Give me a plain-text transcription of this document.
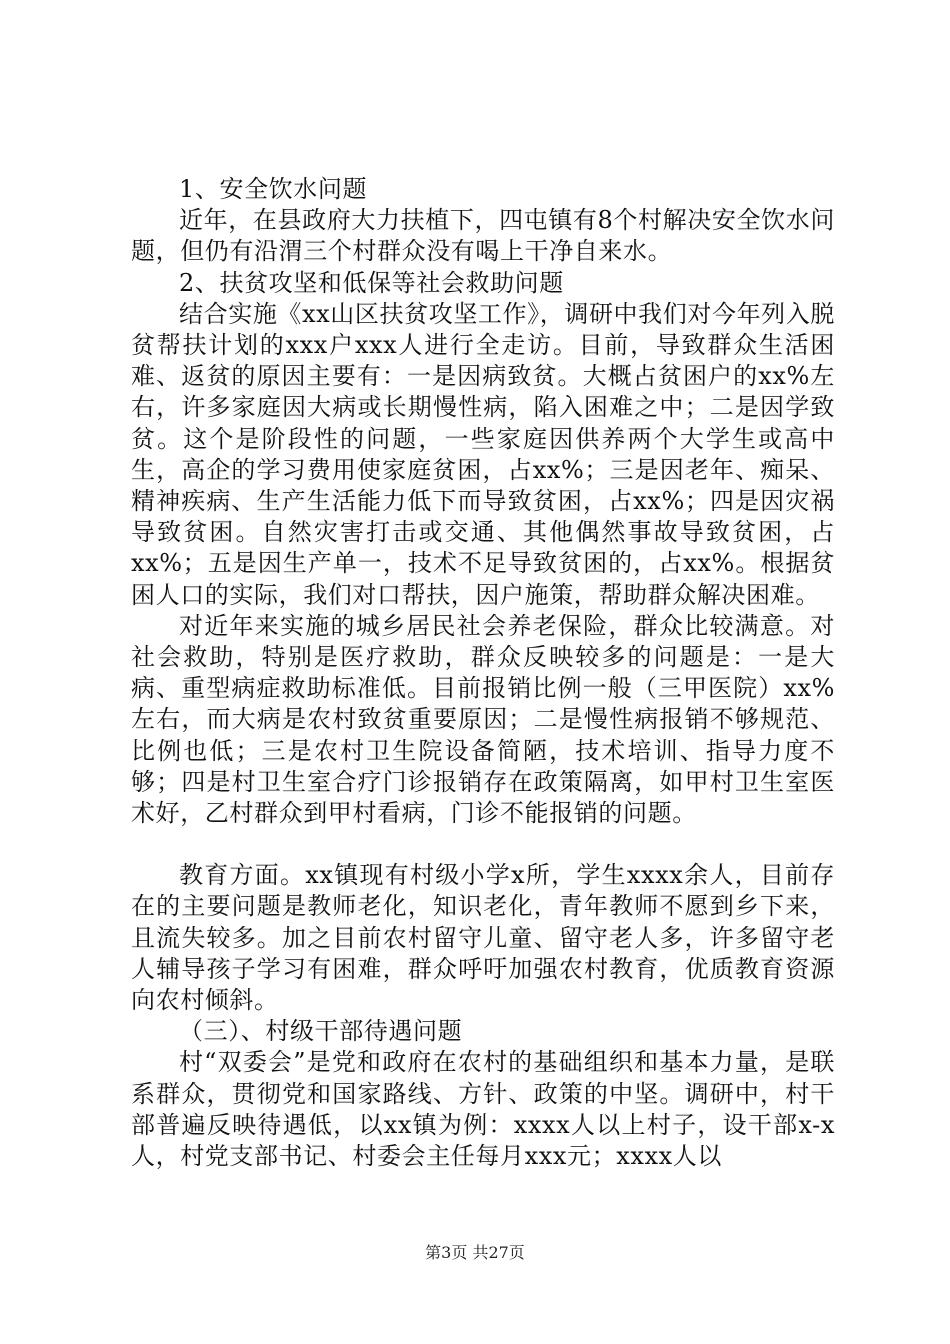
1、安全饮水问题

近年，在县政府大力扶植下，四屯镇有8个村解决安全饮水问题，但仍有沿渭三个村群众没有喝上干净自来水。

2、扶贫攻坚和低保等社会救助问题

结合实施《xx山区扶贫攻坚工作》，调研中我们对今年列入脱贫帮扶计划的xxx户xxx人进行全走访。目前，导致群众生活困难、返贫的原因主要有：一是因病致贫。大概占贫困户的xx%左右，许多家庭因大病或长期慢性病，陷入困难之中；二是因学致贫。这个是阶段性的问题，一些家庭因供养两个大学生或高中生，高企的学习费用使家庭贫困，占xx%；三是因老年、痴呆、精神疾病、生产生活能力低下而导致贫困，占xx%；四是因灾祸导致贫困。自然灾害打击或交通、其他偶然事故导致贫困，占xx%；五是因生产单一，技术不足导致贫困的，占xx%。根据贫困人口的实际，我们对口帮扶，因户施策，帮助群众解决困难。

对近年来实施的城乡居民社会养老保险，群众比较满意。对社会救助，特别是医疗救助，群众反映较多的问题是：一是大病、重型病症救助标准低。目前报销比例一般（三甲医院）xx%左右，而大病是农村致贫重要原因；二是慢性病报销不够规范、比例也低；三是农村卫生院设备简陋，技术培训、指导力度不够；四是村卫生室合疗门诊报销存在政策隔离，如甲村卫生室医术好，乙村群众到甲村看病，门诊不能报销的问题。

教育方面。xx镇现有村级小学x所，学生xxxx余人，目前存在的主要问题是教师老化，知识老化，青年教师不愿到乡下来，且流失较多。加之目前农村留守儿童、留守老人多，许多留守老人辅导孩子学习有困难，群众呼吁加强农村教育，优质教育资源向农村倾斜。

（三）、村级干部待遇问题

村“双委会”是党和政府在农村的基础组织和基本力量，是联系群众，贯彻党和国家路线、方针、政策的中坚。调研中，村干部普遍反映待遇低，以xx镇为例：xxxx人以上村子，设干部x-x人，村党支部书记、村委会主任每月xxx元；xxxx人以

第3页 共27页
